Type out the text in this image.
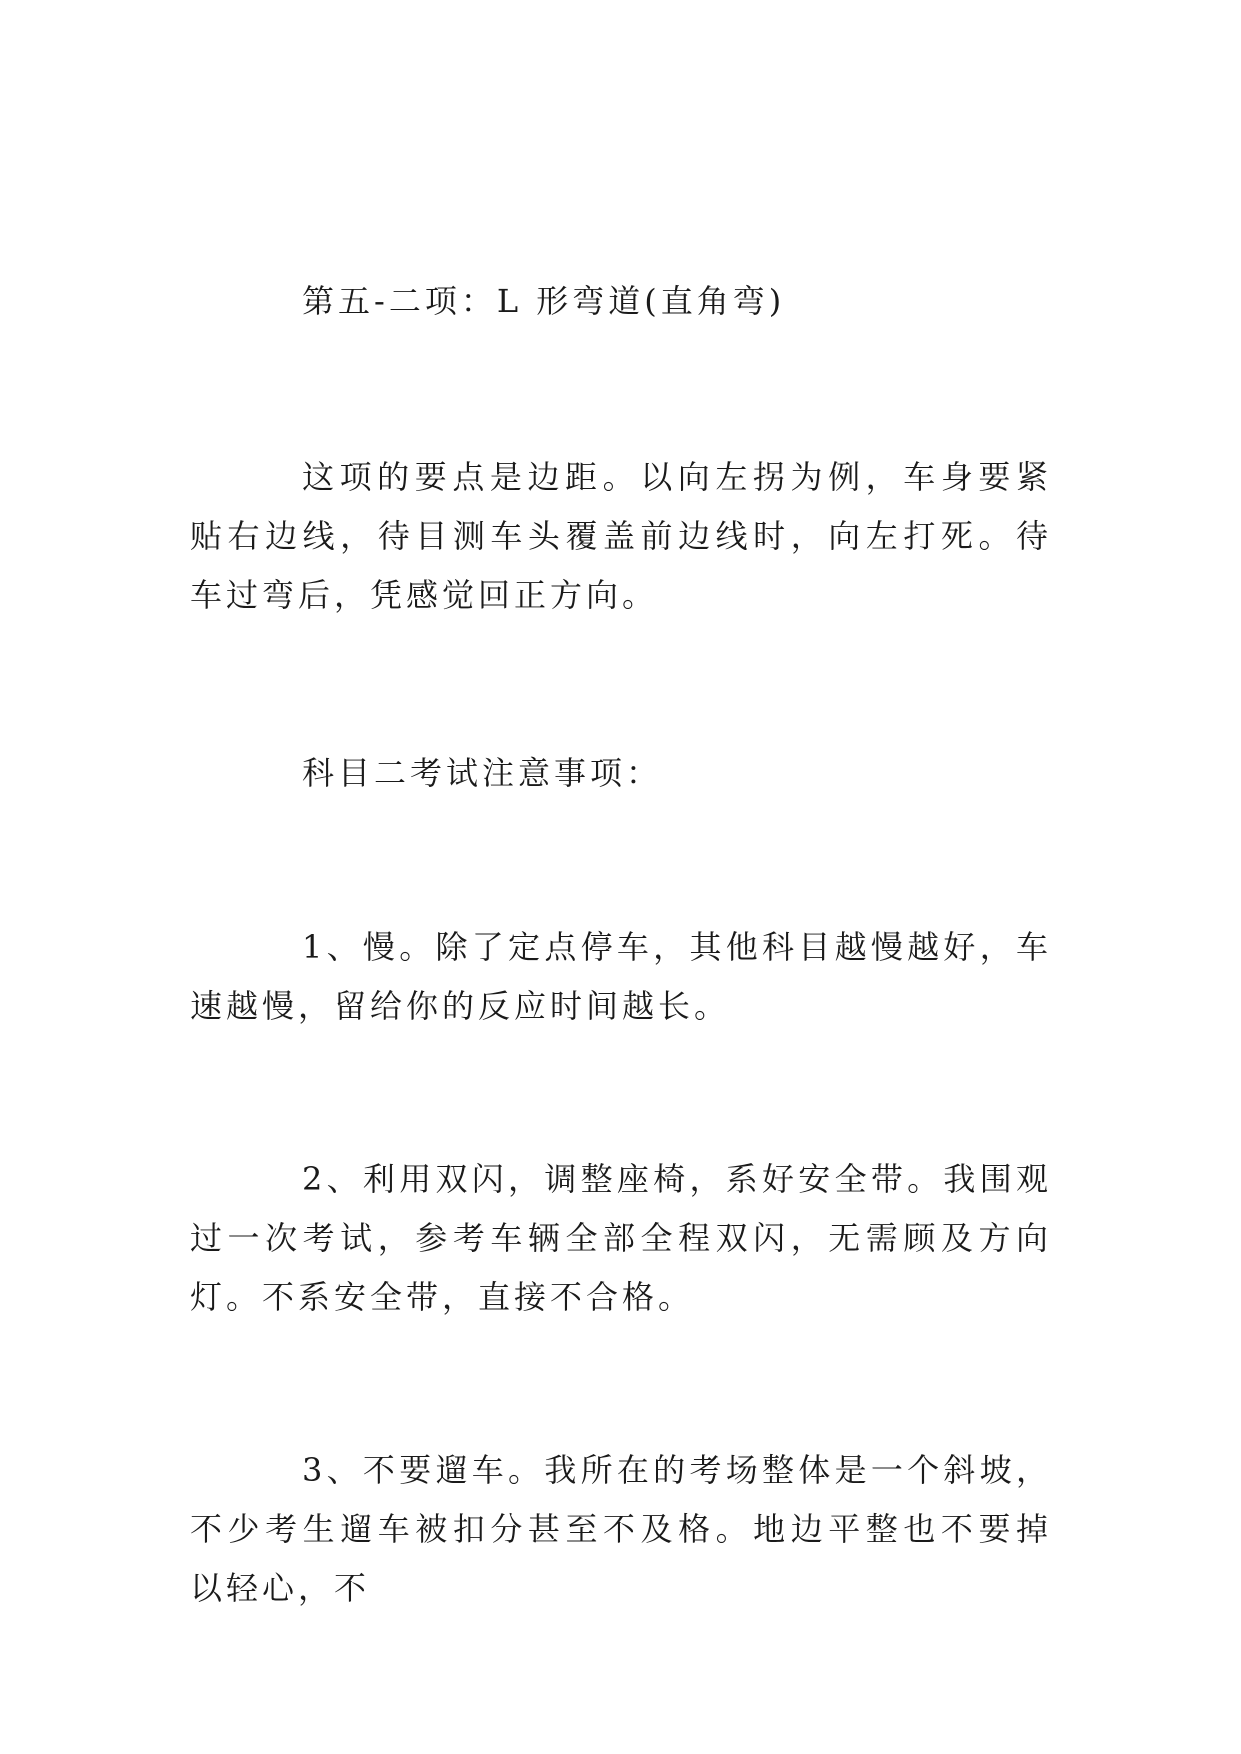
第五-二项：L 形弯道(直角弯)

这项的要点是边距。以向左拐为例，车身要紧贴右边线，待目测车头覆盖前边线时，向左打死。待车过弯后，凭感觉回正方向。

科目二考试注意事项：

1、慢。除了定点停车，其他科目越慢越好，车速越慢，留给你的反应时间越长。

2、利用双闪，调整座椅，系好安全带。我围观过一次考试，参考车辆全部全程双闪，无需顾及方向灯。不系安全带，直接不合格。

3、不要遛车。我所在的考场整体是一个斜坡，不少考生遛车被扣分甚至不及格。地边平整也不要掉以轻心，不
